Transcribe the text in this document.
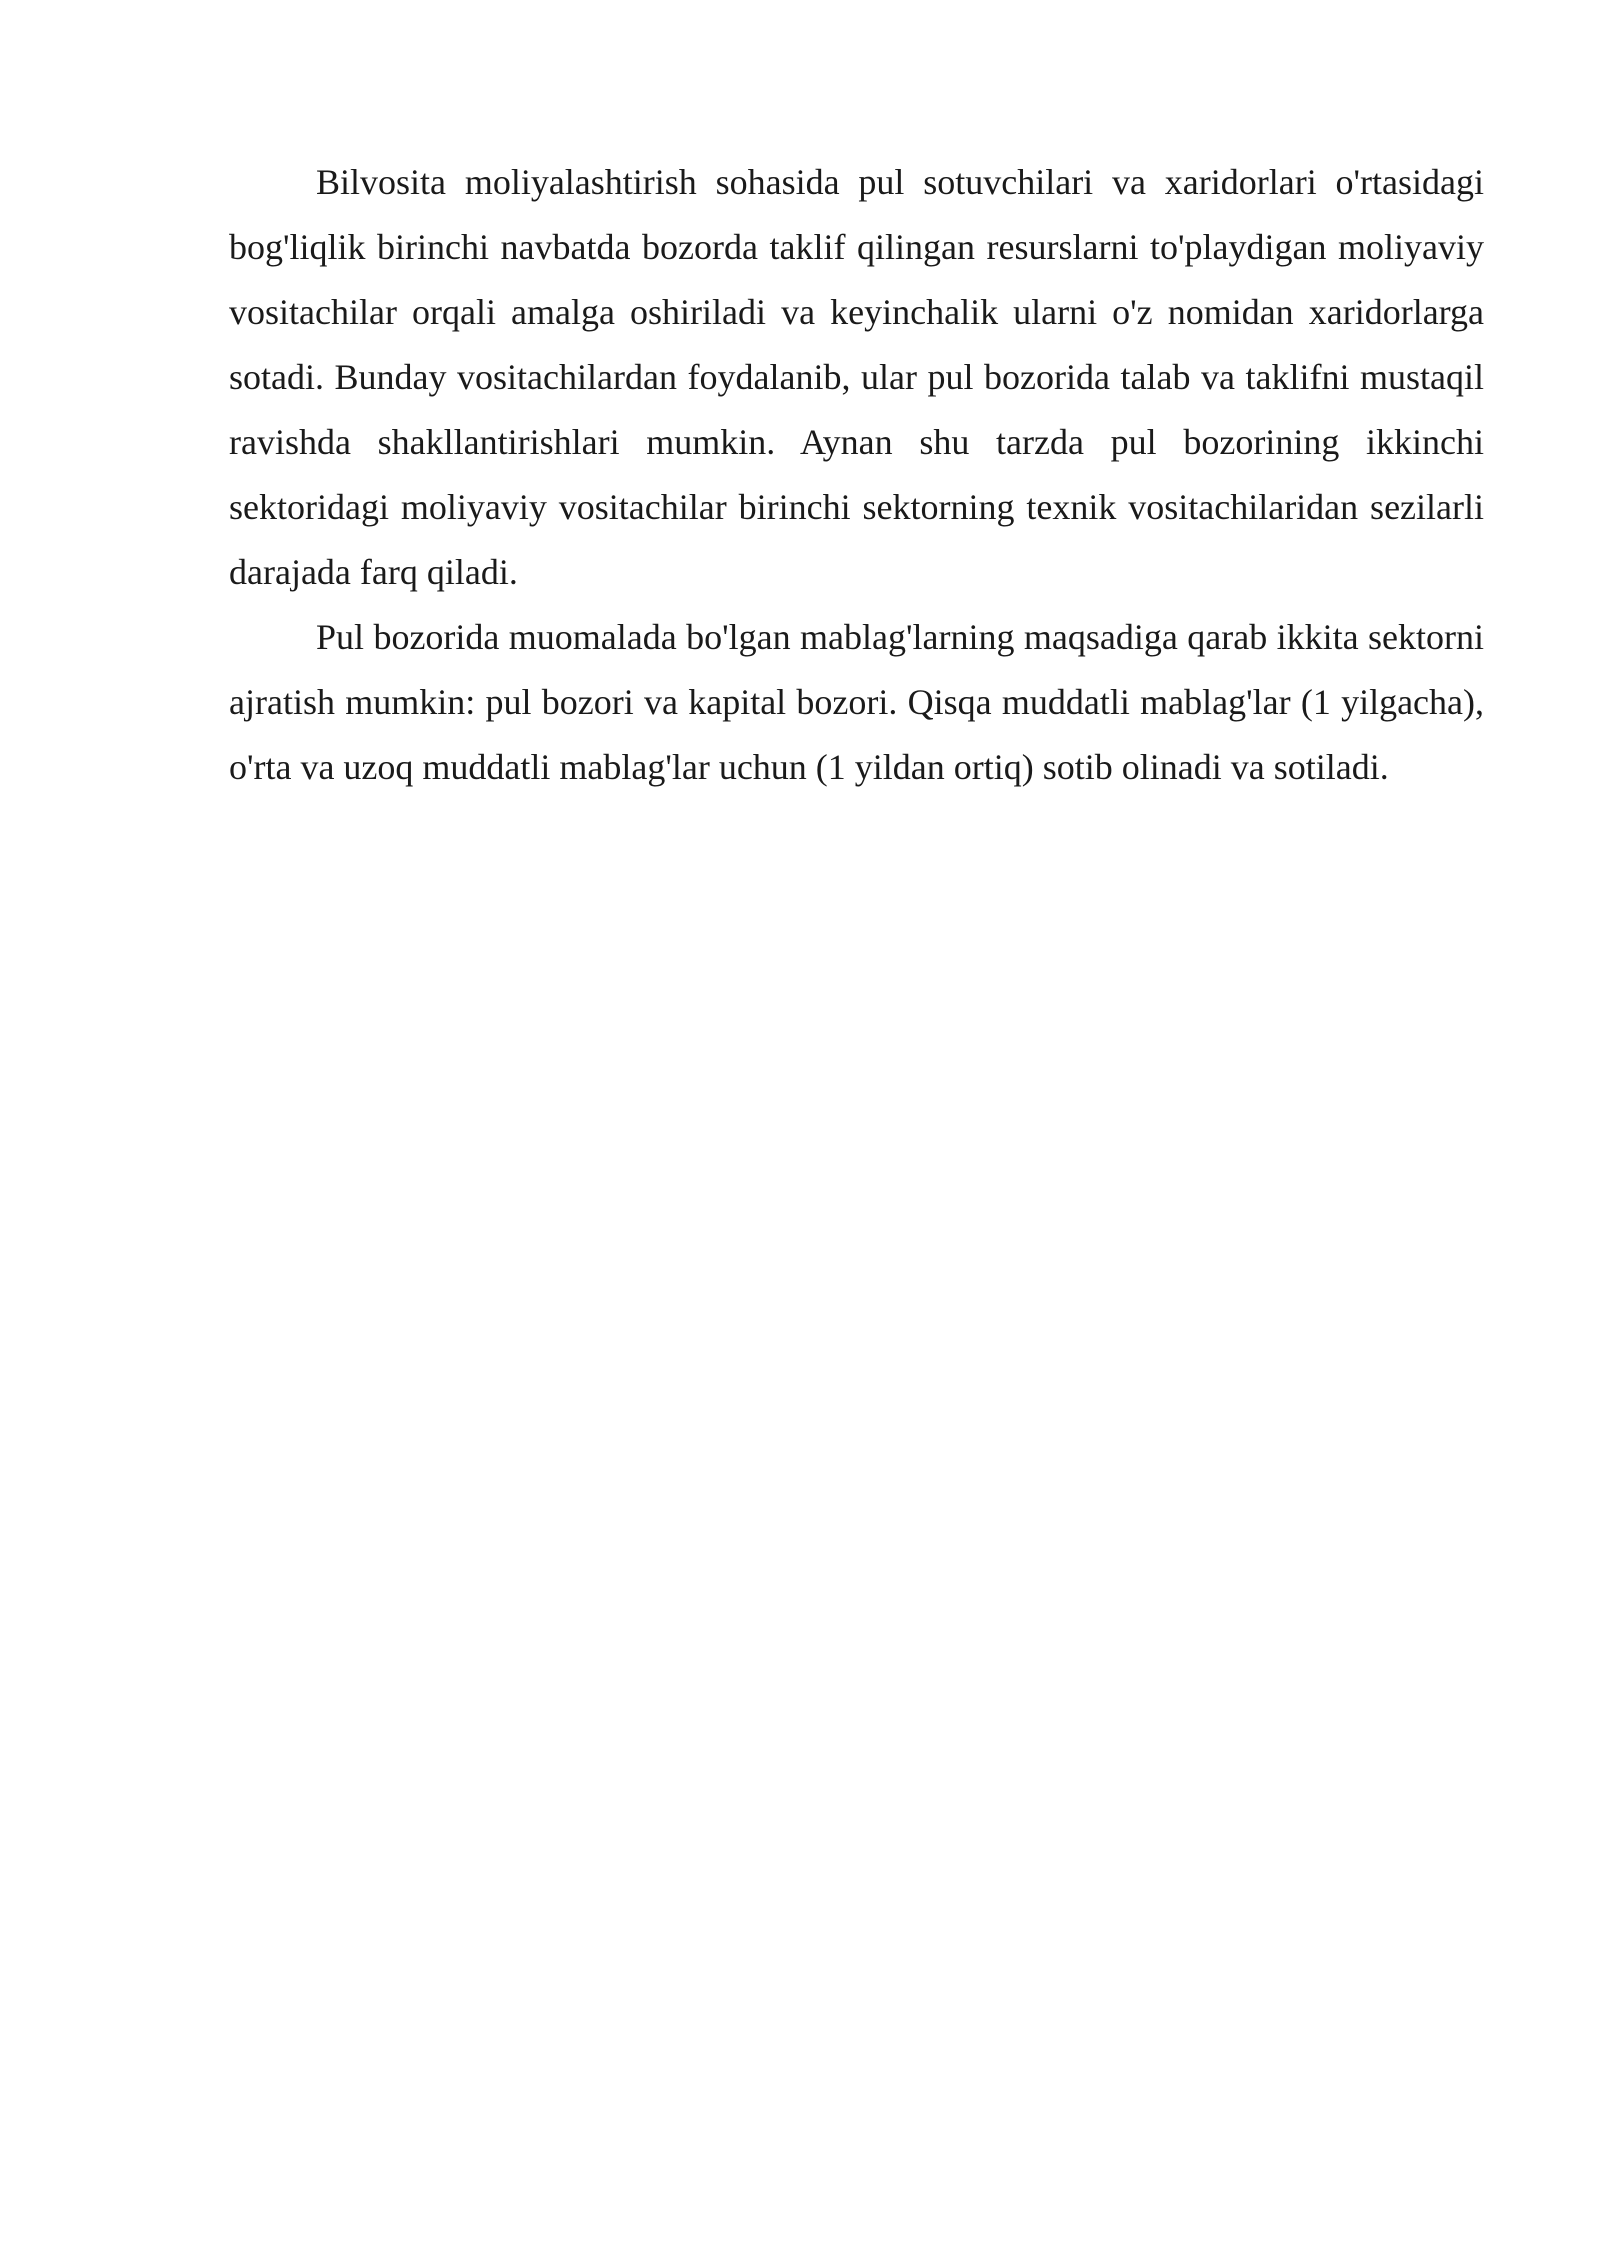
Bilvosita moliyalashtirish sohasida pul sotuvchilari va xaridorlari o'rtasidagi bog'liqlik birinchi navbatda bozorda taklif qilingan resurslarni to'playdigan moliyaviy vositachilar orqali amalga oshiriladi va keyinchalik ularni o'z nomidan xaridorlarga sotadi. Bunday vositachilardan foydalanib, ular pul bozorida talab va taklifni mustaqil ravishda shakllantirishlari mumkin. Aynan shu tarzda pul bozorining ikkinchi sektoridagi moliyaviy vositachilar birinchi sektorning texnik vositachilaridan sezilarli darajada farq qiladi.

Pul bozorida muomalada bo'lgan mablag'larning maqsadiga qarab ikkita sektorni ajratish mumkin: pul bozori va kapital bozori. Qisqa muddatli mablag'lar (1 yilgacha), o'rta va uzoq muddatli mablag'lar uchun (1 yildan ortiq) sotib olinadi va sotiladi.
